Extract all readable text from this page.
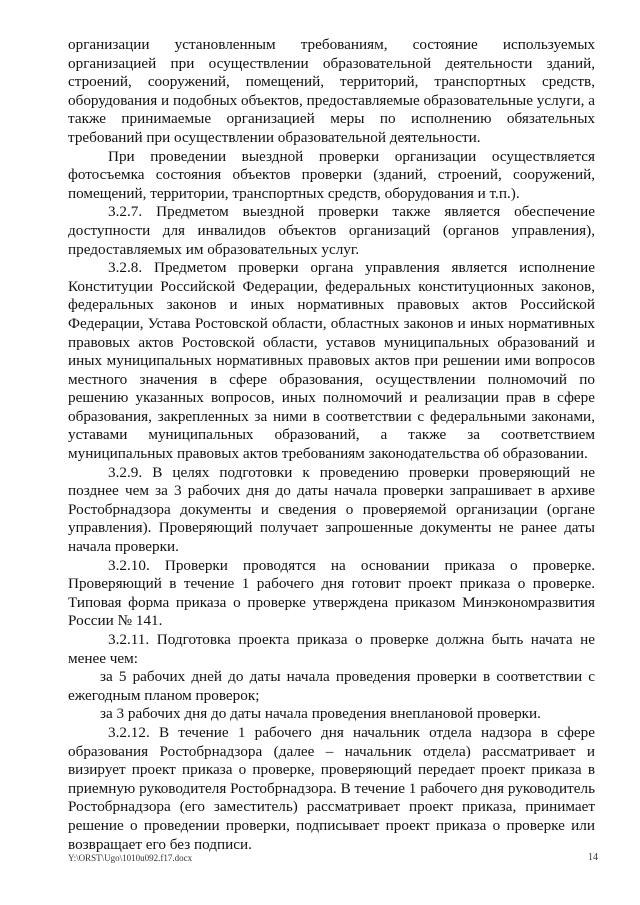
организации установленным требованиям, состояние используемых организацией при осуществлении образовательной деятельности зданий, строений, сооружений, помещений, территорий, транспортных средств, оборудования и подобных объектов, предоставляемые образовательные услуги, а также принимаемые организацией меры по исполнению обязательных требований при осуществлении образовательной деятельности.

При проведении выездной проверки организации осуществляется фотосъемка состояния объектов проверки (зданий, строений, сооружений, помещений, территории, транспортных средств, оборудования и т.п.).

3.2.7. Предметом выездной проверки также является обеспечение доступности для инвалидов объектов организаций (органов управления), предоставляемых им образовательных услуг.

3.2.8. Предметом проверки органа управления является исполнение Конституции Российской Федерации, федеральных конституционных законов, федеральных законов и иных нормативных правовых актов Российской Федерации, Устава Ростовской области, областных законов и иных нормативных правовых актов Ростовской области, уставов муниципальных образований и иных муниципальных нормативных правовых актов при решении ими вопросов местного значения в сфере образования, осуществлении полномочий по решению указанных вопросов, иных полномочий и реализации прав в сфере образования, закрепленных за ними в соответствии с федеральными законами, уставами муниципальных образований, а также за соответствием муниципальных правовых актов требованиям законодательства об образовании.

3.2.9. В целях подготовки к проведению проверки проверяющий не позднее чем за 3 рабочих дня до даты начала проверки запрашивает в архиве Ростобрнадзора документы и сведения о проверяемой организации (органе управления). Проверяющий получает запрошенные документы не ранее даты начала проверки.

3.2.10. Проверки проводятся на основании приказа о проверке. Проверяющий в течение 1 рабочего дня готовит проект приказа о проверке. Типовая форма приказа о проверке утверждена приказом Минэкономразвития России № 141.

3.2.11. Подготовка проекта приказа о проверке должна быть начата не менее чем:

за 5 рабочих дней до даты начала проведения проверки в соответствии с ежегодным планом проверок;

за 3 рабочих дня до даты начала проведения внеплановой проверки.

3.2.12. В течение 1 рабочего дня начальник отдела надзора в сфере образования Ростобрнадзора (далее – начальник отдела) рассматривает и визирует проект приказа о проверке, проверяющий передает проект приказа в приемную руководителя Ростобрнадзора. В течение 1 рабочего дня руководитель Ростобрнадзора (его заместитель) рассматривает проект приказа, принимает решение о проведении проверки, подписывает проект приказа о проверке или возвращает его без подписи.

Y:\ORST\Ugo\1010u092.f17.docx	14
